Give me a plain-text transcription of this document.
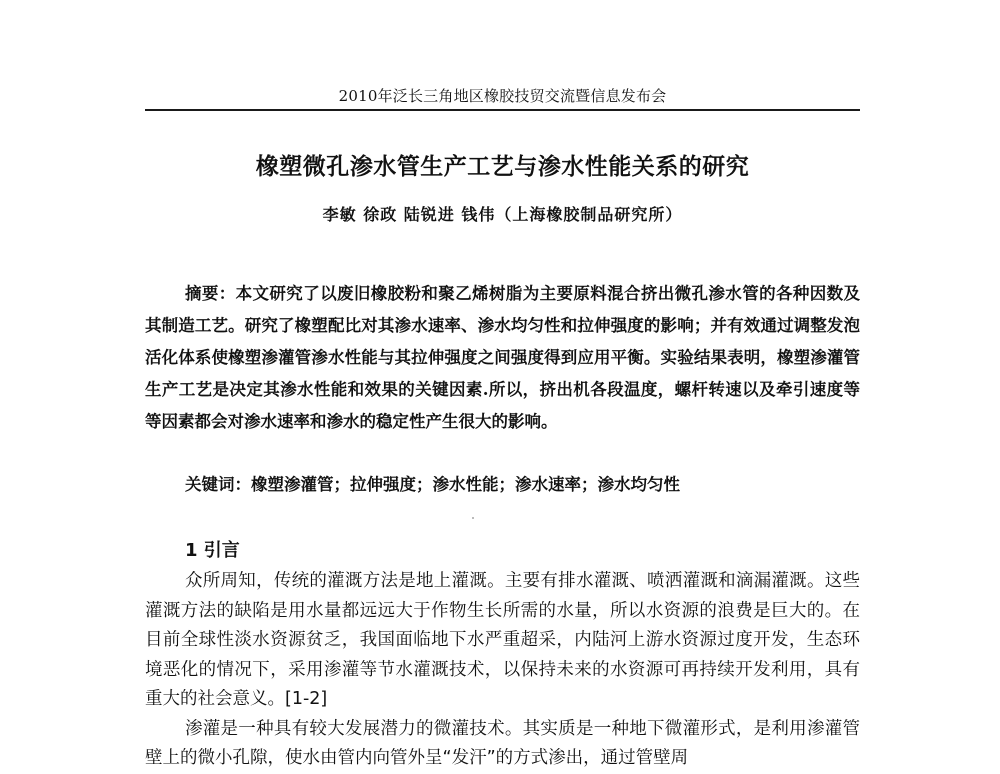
2010年泛长三角地区橡胶技贸交流暨信息发布会
橡塑微孔渗水管生产工艺与渗水性能关系的研究
李敏 徐政 陆锐进 钱伟（上海橡胶制品研究所）
摘要：本文研究了以废旧橡胶粉和聚乙烯树脂为主要原料混合挤出微孔渗水管的各种因数及其制造工艺。研究了橡塑配比对其渗水速率、渗水均匀性和拉伸强度的影响；并有效通过调整发泡活化体系使橡塑渗灌管渗水性能与其拉伸强度之间强度得到应用平衡。实验结果表明，橡塑渗灌管生产工艺是决定其渗水性能和效果的关键因素.所以，挤出机各段温度，螺杆转速以及牵引速度等等因素都会对渗水速率和渗水的稳定性产生很大的影响。
关键词：橡塑渗灌管；拉伸强度；渗水性能；渗水速率；渗水均匀性
1 引言

众所周知，传统的灌溉方法是地上灌溉。主要有排水灌溉、喷洒灌溉和滴漏灌溉。这些灌溉方法的缺陷是用水量都远远大于作物生长所需的水量，所以水资源的浪费是巨大的。在目前全球性淡水资源贫乏，我国面临地下水严重超采，内陆河上游水资源过度开发，生态环境恶化的情况下，采用渗灌等节水灌溉技术，以保持未来的水资源可再持续开发利用，具有重大的社会意义。[1-2]

渗灌是一种具有较大发展潜力的微灌技术。其实质是一种地下微灌形式，是利用渗灌管壁上的微小孔隙，使水由管内向管外呈“发汗”的方式渗出，通过管壁周
